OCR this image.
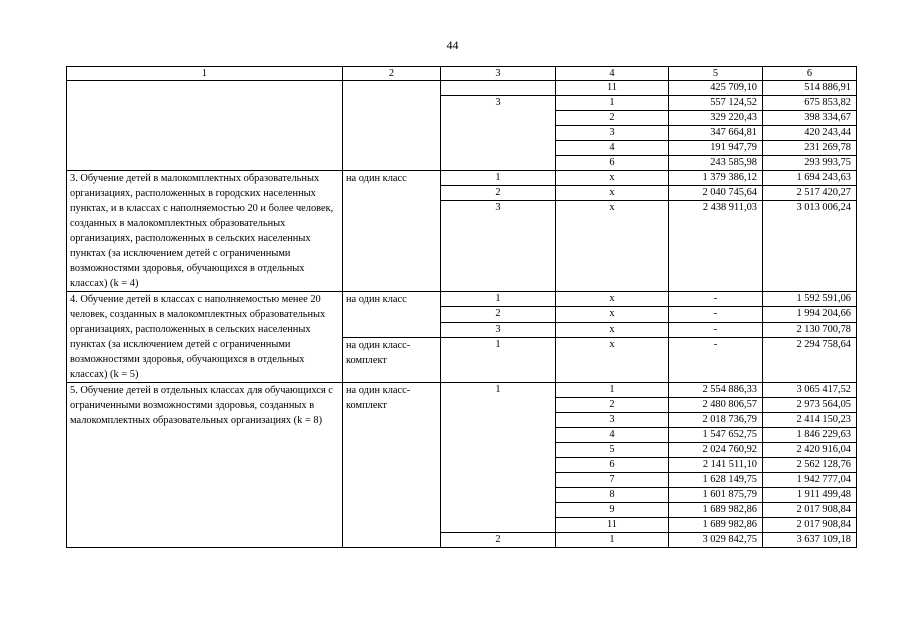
44
1	2	3	4	5	6
			11	425 709,10	514 886,91
		3	1	557 124,52	675 853,82
			2	329 220,43	398 334,67
			3	347 664,81	420 243,44
			4	191 947,79	231 269,78
			6	243 585,98	293 993,75
3. Обучение детей в малокомплектных образовательных организациях, расположенных в городских населенных пунктах, и в классах с наполняемостью 20 и более человек, созданных в малокомплектных образовательных организациях, расположенных в сельских населенных пунктах (за исключением детей с ограниченными возможностями здоровья, обучающихся в отдельных классах) (k = 4)	на один класс	1	х	1 379 386,12	1 694 243,63
		2	х	2 040 745,64	2 517 420,27
		3	х	2 438 911,03	3 013 006,24
4. Обучение детей в классах с наполняемостью менее 20 человек, созданных в малокомплектных образовательных организациях, расположенных в сельских населенных пунктах (за исключением детей с ограниченными возможностями здоровья, обучающихся в отдельных классах) (k = 5)	на один класс	1	х	-	1 592 591,06
		2	х	-	1 994 204,66
		3	х	-	2 130 700,78
	на один класс-комплект	1	х	-	2 294 758,64
5. Обучение детей в отдельных классах для обучающихся с ограниченными возможностями здоровья, созданных в малокомплектных образовательных организациях (k = 8)	на один класс-комплект	1	1	2 554 886,33	3 065 417,52
			2	2 480 806,57	2 973 564,05
			3	2 018 736,79	2 414 150,23
			4	1 547 652,75	1 846 229,63
			5	2 024 760,92	2 420 916,04
			6	2 141 511,10	2 562 128,76
			7	1 628 149,75	1 942 777,04
			8	1 601 875,79	1 911 499,48
			9	1 689 982,86	2 017 908,84
			11	1 689 982,86	2 017 908,84
		2	1	3 029 842,75	3 637 109,18
